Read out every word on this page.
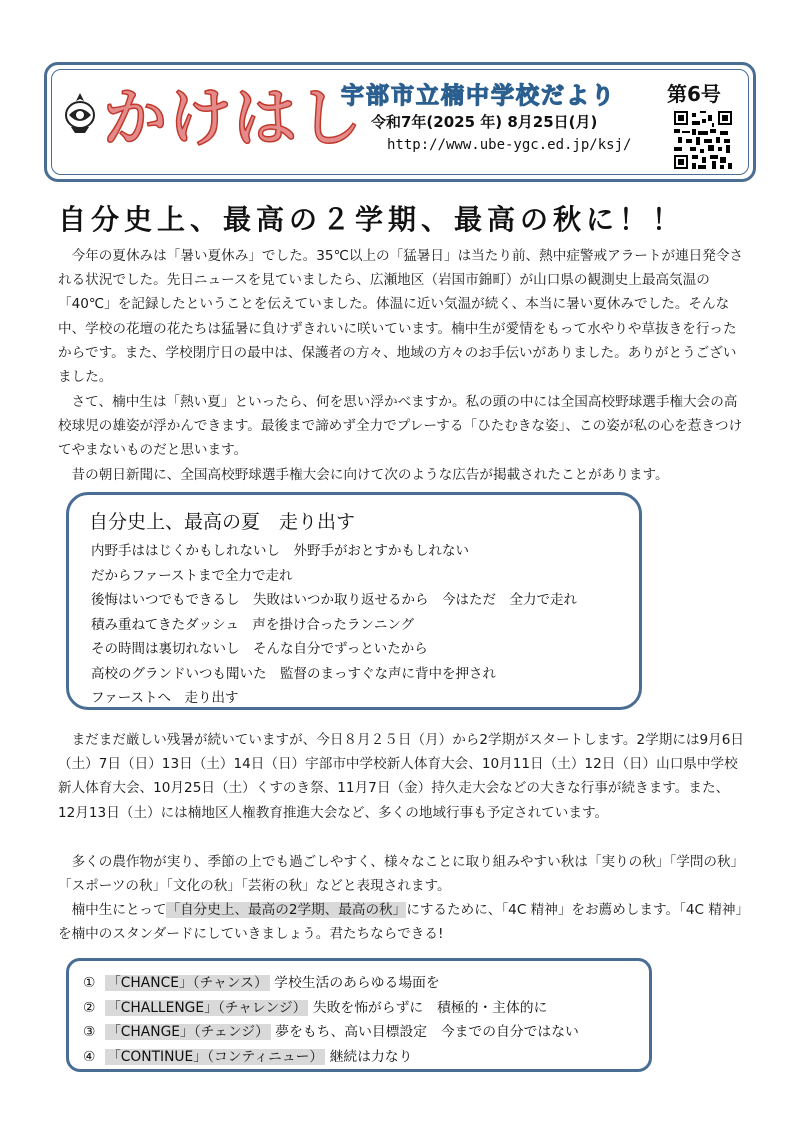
かけはし
宇部市立楠中学校だより	第6号
令和7年(2025 年) 8月25日(月)
http://www.ube-ygc.ed.jp/ksj/
自分史上、最高の２学期、最高の秋に！！

今年の夏休みは「暑い夏休み」でした。35℃以上の「猛暑日」は当たり前、熱中症警戒アラートが連日発令される状況でした。先日ニュースを見ていましたら、広瀬地区（岩国市錦町）が山口県の観測史上最高気温の「40℃」を記録したということを伝えていました。体温に近い気温が続く、本当に暑い夏休みでした。そんな中、学校の花壇の花たちは猛暑に負けずきれいに咲いています。楠中生が愛情をもって水やりや草抜きを行ったからです。また、学校閉庁日の最中は、保護者の方々、地域の方々のお手伝いがありました。ありがとうございました。

さて、楠中生は「熱い夏」といったら、何を思い浮かべますか。私の頭の中には全国高校野球選手権大会の高校球児の雄姿が浮かんできます。最後まで諦めず全力でプレーする「ひたむきな姿」、この姿が私の心を惹きつけてやまないものだと思います。

昔の朝日新聞に、全国高校野球選手権大会に向けて次のような広告が掲載されたことがあります。

自分史上、最高の夏　走り出す
内野手ははじくかもしれないし　外野手がおとすかもしれない
だからファーストまで全力で走れ
後悔はいつでもできるし　失敗はいつか取り返せるから　今はただ　全力で走れ
積み重ねてきたダッシュ　声を掛け合ったランニング
その時間は裏切れないし　そんな自分でずっといたから
高校のグランドいつも聞いた　監督のまっすぐな声に背中を押され
ファーストへ　走り出す

まだまだ厳しい残暑が続いていますが、今日８月２５日（月）から2学期がスタートします。2学期には9月6日（土）7日（日）13日（土）14日（日）宇部市中学校新人体育大会、10月11日（土）12日（日）山口県中学校新人体育大会、10月25日（土）くすのき祭、11月7日（金）持久走大会などの大きな行事が続きます。また、12月13日（土）には楠地区人権教育推進大会など、多くの地域行事も予定されています。

多くの農作物が実り、季節の上でも過ごしやすく、様々なことに取り組みやすい秋は「実りの秋」「学問の秋」「スポーツの秋」「文化の秋」「芸術の秋」などと表現されます。

楠中生にとって「自分史上、最高の2学期、最高の秋」にするために、「4C 精神」をお薦めします。「4C 精神」を楠中のスタンダードにしていきましょう。君たちならできる!

① 「CHANCE」（チャンス） 学校生活のあらゆる場面を
② 「CHALLENGE」（チャレンジ） 失敗を怖がらずに　積極的・主体的に
③ 「CHANGE」（チェンジ） 夢をもち、高い目標設定　今までの自分ではない
④ 「CONTINUE」（コンティニュー） 継続は力なり
